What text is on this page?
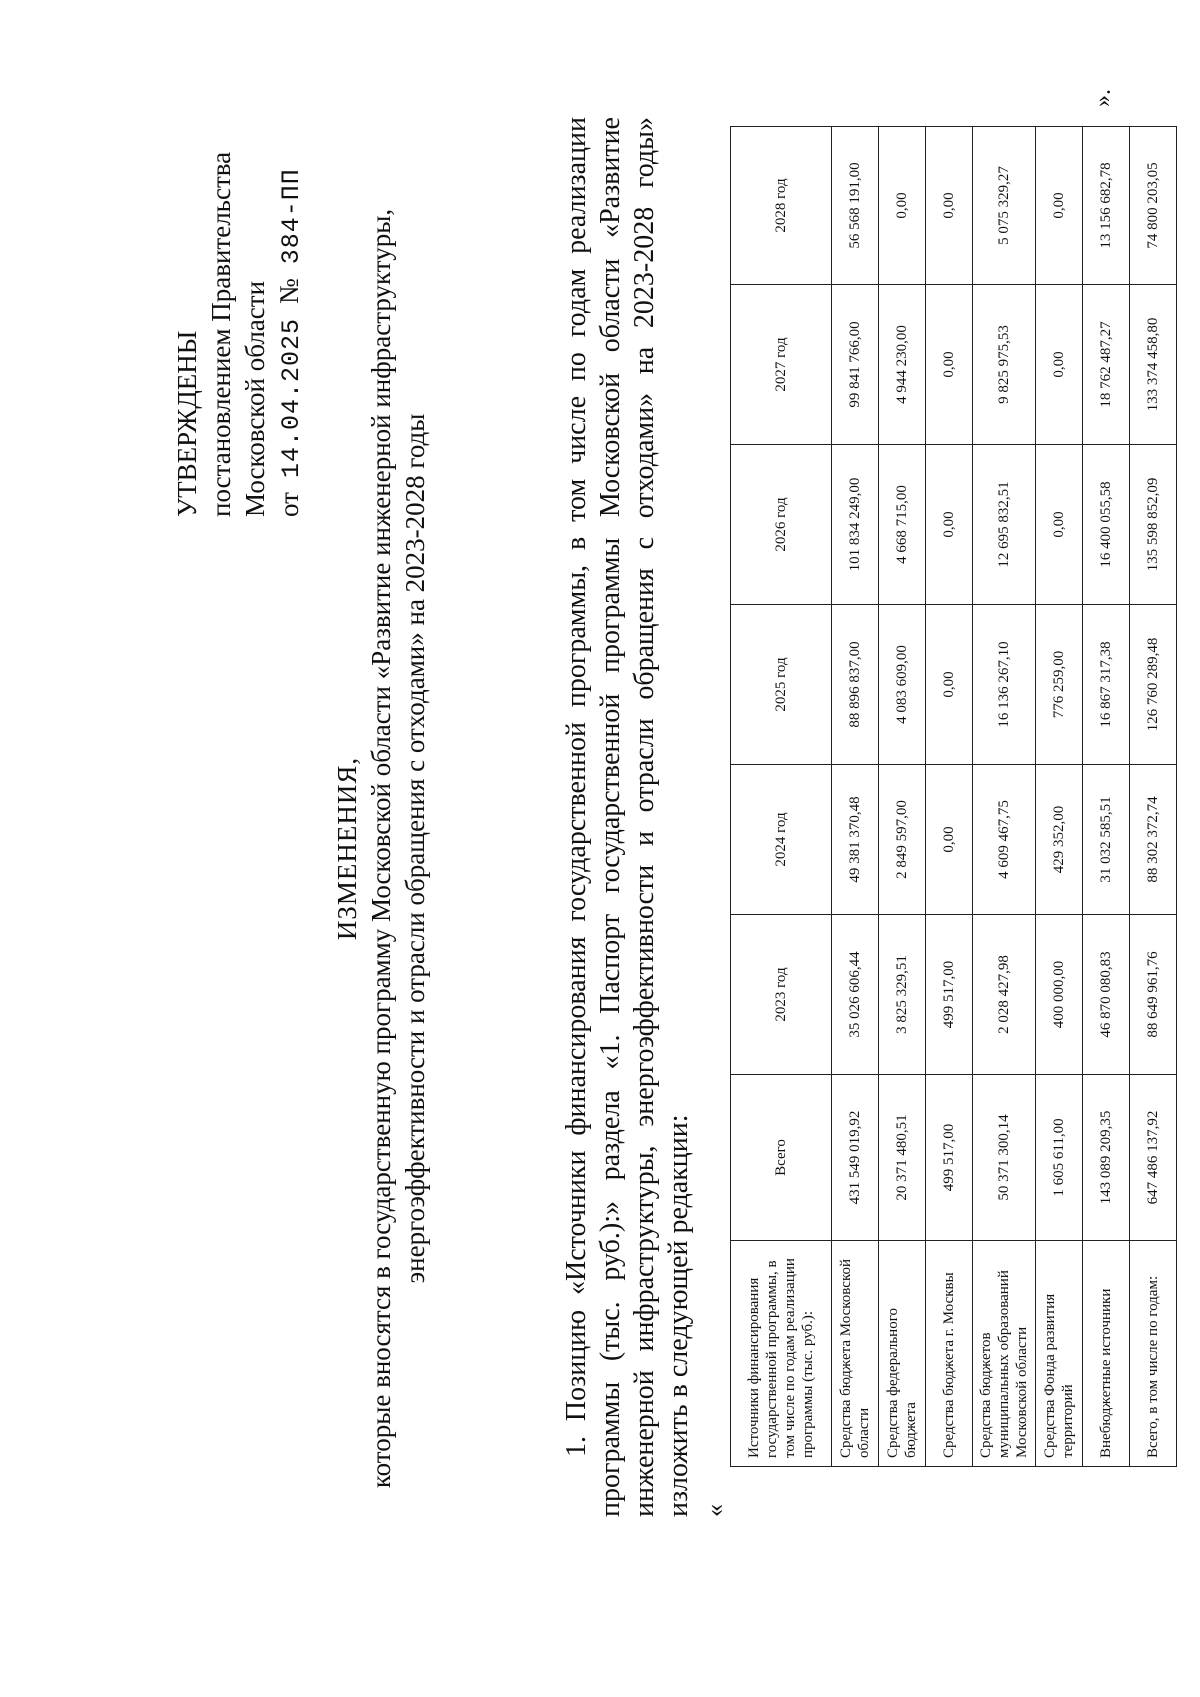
УТВЕРЖДЕНЫ постановлением Правительства Московской области от14.04.2025№384-ПП
ИЗМЕНЕНИЯ, которые вносятся в государственную программу Московской области «Развитие инженерной инфраструктуры, энергоэффективности и отрасли обращения с отходами» на 2023-2028 годы	1. Позицию «Источники финансирования государственной программы, в том числе по годам реализации программы (тыс. руб.):» раздела «1. Паспорт государственной программы Московской области «Развитие инженерной инфраструктуры, энергоэффективности и отрасли обращения с отходами» на 2023-2028 годы» изложить в следующей редакции: «
Источники финансирования государственной программы, в том числе по годам реализации программы (тыс. руб.):	Всего	2023 год	2024 год	2025 год	2026 год	2027 год	2028 год
Средства бюджета Московской области	431 549 019,92	35 026 606,44	49 381 370,48	88 896 837,00	101 834 249,00	99 841 766,00	56 568 191,00
Средства федерального бюджета	20 371 480,51	3 825 329,51	2 849 597,00	4 083 609,00	4 668 715,00	4 944 230,00	0,00
Средства бюджета г. Москвы	499 517,00	499 517,00	0,00	0,00	0,00	0,00	0,00
Средства бюджетов муниципальных образований Московской области	50 371 300,14	2 028 427,98	4 609 467,75	16 136 267,10	12 695 832,51	9 825 975,53	5 075 329,27
Средства Фонда развития территорий	1 605 611,00	400 000,00	429 352,00	776 259,00	0,00	0,00	0,00
Внебюджетные источники	143 089 209,35	46 870 080,83	31 032 585,51	16 867 317,38	16 400 055,58	18 762 487,27	13 156 682,78
Всего, в том числе по годам:	647 486 137,92	88 649 961,76	88 302 372,74	126 760 289,48	135 598 852,09	133 374 458,80	74 800 203,05
».
